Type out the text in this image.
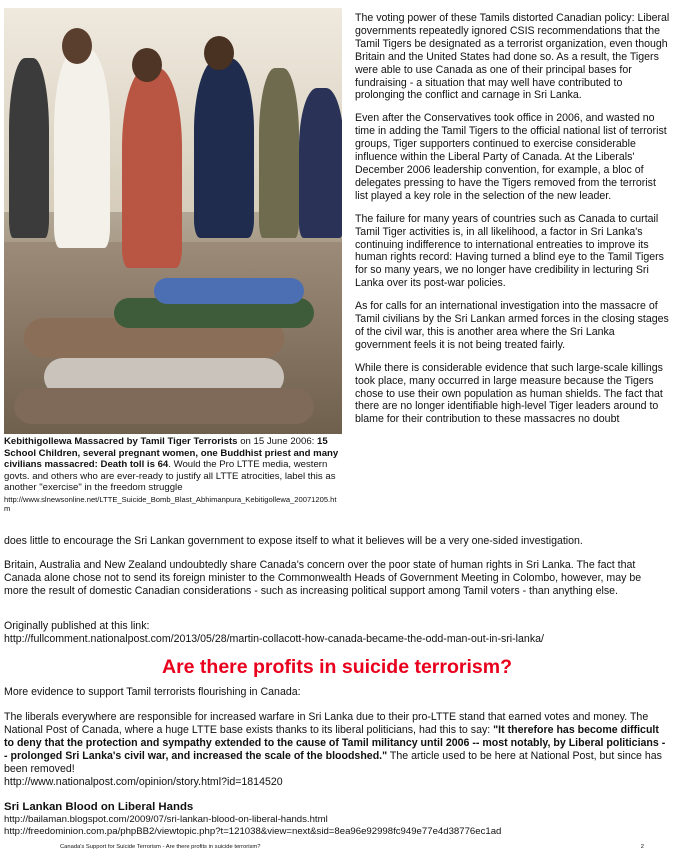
Kebithigollewa Massacred by Tamil Tiger Terrorists on 15 June 2006: 15 School Children, several pregnant women, one Buddhist priest and many civilians massacred: Death toll is 64. Would the Pro LTTE media, western govts. and others who are ever-ready to justify all LTTE atrocities, label this as another "exercise" in the freedom struggle
http://www.slnewsonline.net/LTTE_Suicide_Bomb_Blast_Abhimanpura_Kebitigollewa_20071205.htm

The voting power of these Tamils distorted Canadian policy: Liberal governments repeatedly ignored CSIS recommendations that the Tamil Tigers be designated as a terrorist organization, even though Britain and the United States had done so. As a result, the Tigers were able to use Canada as one of their principal bases for fundraising - a situation that may well have contributed to prolonging the conflict and carnage in Sri Lanka.

Even after the Conservatives took office in 2006, and wasted no time in adding the Tamil Tigers to the official national list of terrorist groups, Tiger supporters continued to exercise considerable influence within the Liberal Party of Canada. At the Liberals' December 2006 leadership convention, for example, a bloc of delegates pressing to have the Tigers removed from the terrorist list played a key role in the selection of the new leader.

The failure for many years of countries such as Canada to curtail Tamil Tiger activities is, in all likelihood, a factor in Sri Lanka's continuing indifference to international entreaties to improve its human rights record: Having turned a blind eye to the Tamil Tigers for so many years, we no longer have credibility in lecturing Sri Lanka over its post-war policies.

As for calls for an international investigation into the massacre of Tamil civilians by the Sri Lankan armed forces in the closing stages of the civil war, this is another area where the Sri Lanka government feels it is not being treated fairly.

While there is considerable evidence that such large-scale killings took place, many occurred in large measure because the Tigers chose to use their own population as human shields. The fact that there are no longer identifiable high-level Tiger leaders around to blame for their contribution to these massacres no doubt

does little to encourage the Sri Lankan government to expose itself to what it believes will be a very one-sided investigation.

Britain, Australia and New Zealand undoubtedly share Canada's concern over the poor state of human rights in Sri Lanka. The fact that Canada alone chose not to send its foreign minister to the Commonwealth Heads of Government Meeting in Colombo, however, may be more the result of domestic Canadian considerations - such as increasing political support among Tamil voters - than anything else.

Originally published at this link:

http://fullcomment.nationalpost.com/2013/05/28/martin-collacott-how-canada-became-the-odd-man-out-in-sri-lanka/

Are there profits in suicide terrorism?

More evidence to support Tamil terrorists flourishing in Canada:

The liberals everywhere are responsible for increased warfare in Sri Lanka due to their pro-LTTE stand that earned votes and money. The National Post of Canada, where a huge LTTE base exists thanks to its liberal politicians, had this to say: "It therefore has become difficult to deny that the protection and sympathy extended to the cause of Tamil militancy until 2006 -- most notably, by Liberal politicians -- prolonged Sri Lanka's civil war, and increased the scale of the bloodshed." The article used to be here at National Post, but since has been removed!

http://www.nationalpost.com/opinion/story.html?id=1814520

Sri Lankan Blood on Liberal Hands

http://bailaman.blogspot.com/2009/07/sri-lankan-blood-on-liberal-hands.html

http://freedominion.com.pa/phpBB2/viewtopic.php?t=121038&view=next&sid=8ea96e92998fc949e77e4d38776ec1ad

Canada's Support for Suicide Terrorism - Are there profits in suicide terrorism?	2
